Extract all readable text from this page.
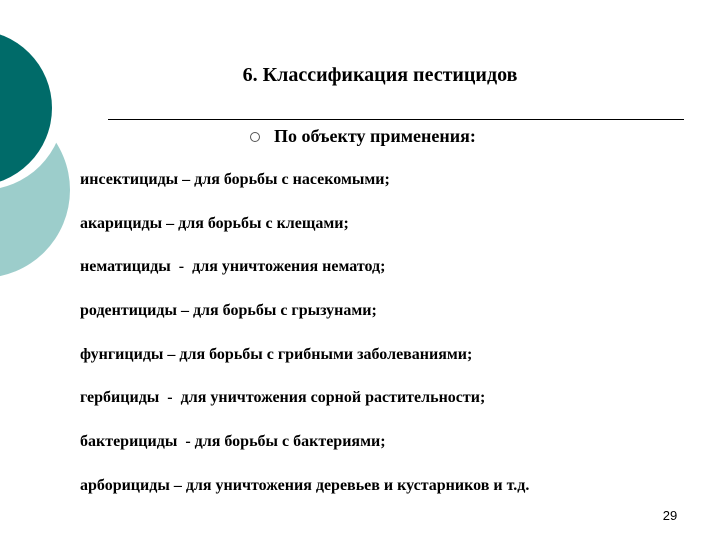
6. Классификация пестицидов
По объекту применения:
инсектициды – для борьбы с насекомыми;
акарициды – для борьбы с клещами;
нематициды  -  для уничтожения нематод;
родентициды – для борьбы с грызунами;
фунгициды – для борьбы с грибными заболеваниями;
гербициды  -  для уничтожения сорной растительности;
бактерициды  - для борьбы с бактериями;
арборициды – для уничтожения деревьев и кустарников и т.д.
29
